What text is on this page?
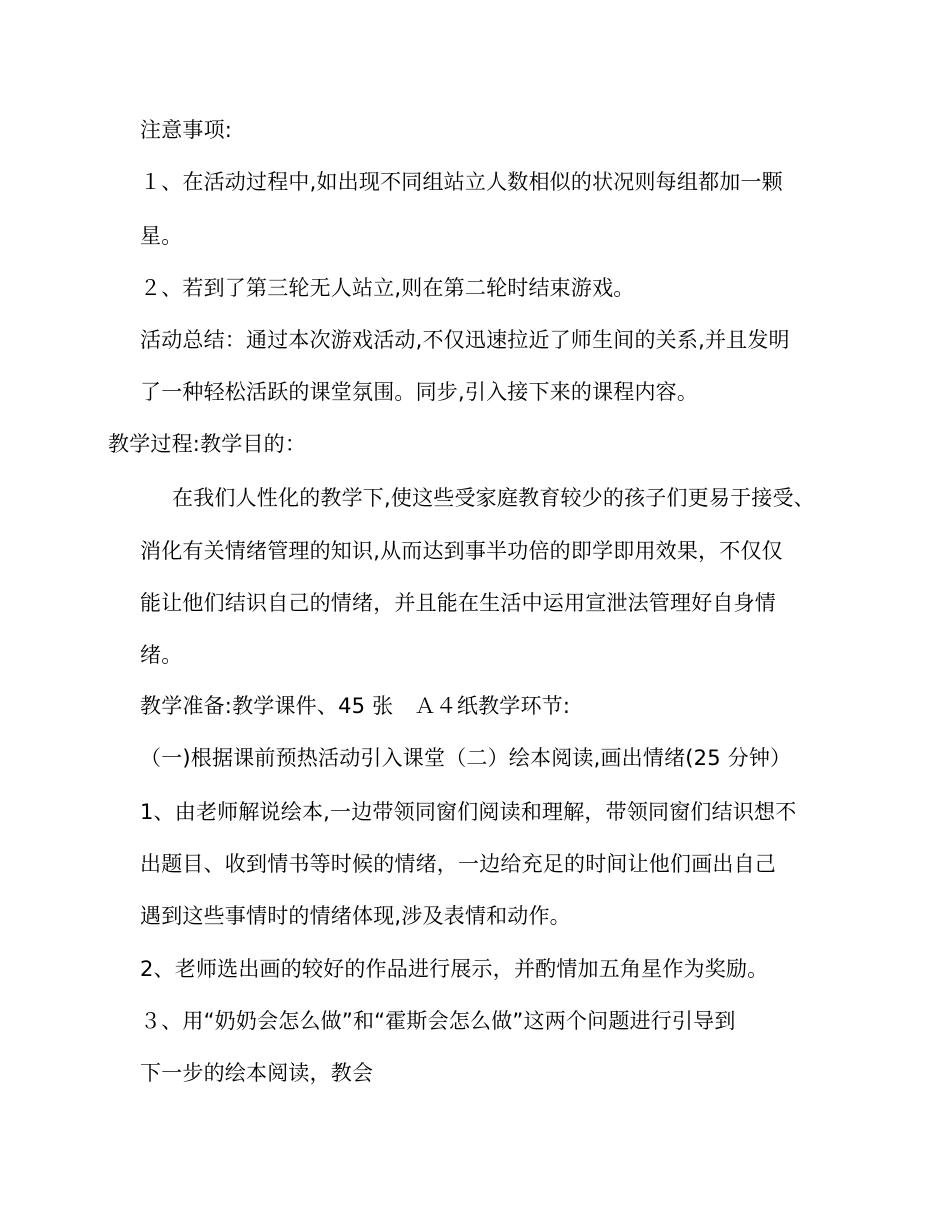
注意事项:
１、在活动过程中,如出现不同组站立人数相似的状况则每组都加一颗
星。
２、若到了第三轮无人站立,则在第二轮时结束游戏。
活动总结：通过本次游戏活动,不仅迅速拉近了师生间的关系,并且发明
了一种轻松活跃的课堂氛围。同步,引入接下来的课程内容。
教学过程:教学目的：
在我们人性化的教学下,使这些受家庭教育较少的孩子们更易于接受、
消化有关情绪管理的知识,从而达到事半功倍的即学即用效果，不仅仅
能让他们结识自己的情绪，并且能在生活中运用宣泄法管理好自身情
绪。
教学准备:教学课件、45 张　Ａ４纸教学环节:
（一)根据课前预热活动引入课堂（二）绘本阅读,画出情绪(25 分钟）
1、由老师解说绘本,一边带领同窗们阅读和理解，带领同窗们结识想不
出题目、收到情书等时候的情绪，一边给充足的时间让他们画出自己
遇到这些事情时的情绪体现,涉及表情和动作。
2、老师选出画的较好的作品进行展示，并酌情加五角星作为奖励。
３、用“奶奶会怎么做”和“霍斯会怎么做”这两个问题进行引导到
下一步的绘本阅读，教会
